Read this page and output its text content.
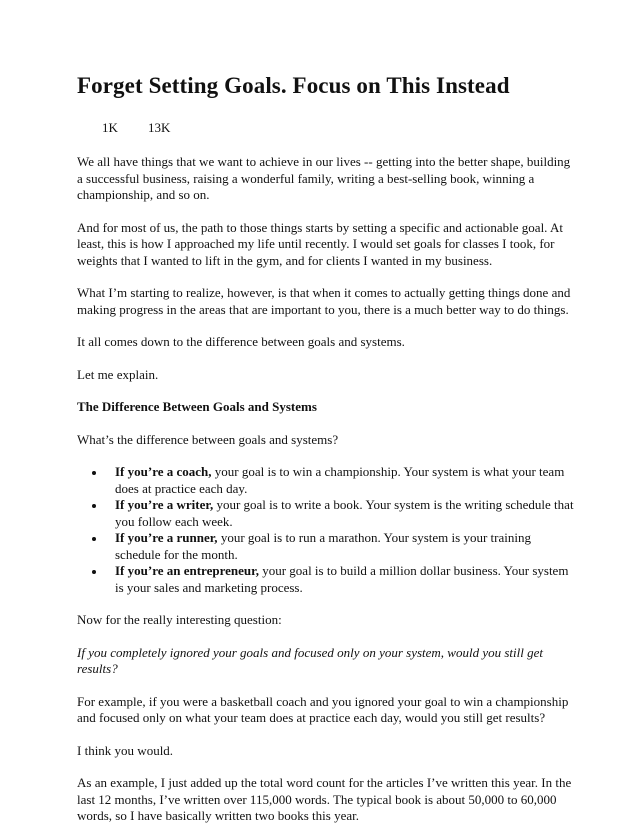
Forget Setting Goals. Focus on This Instead
1K 13K

We all have things that we want to achieve in our lives -- getting into the better shape, building a successful business, raising a wonderful family, writing a best-selling book, winning a championship, and so on.

And for most of us, the path to those things starts by setting a specific and actionable goal. At least, this is how I approached my life until recently. I would set goals for classes I took, for weights that I wanted to lift in the gym, and for clients I wanted in my business.

What I’m starting to realize, however, is that when it comes to actually getting things done and making progress in the areas that are important to you, there is a much better way to do things.

It all comes down to the difference between goals and systems.

Let me explain.

The Difference Between Goals and Systems

What’s the difference between goals and systems?

If you’re a coach, your goal is to win a championship. Your system is what your team does at practice each day.
If you’re a writer, your goal is to write a book. Your system is the writing schedule that you follow each week.
If you’re a runner, your goal is to run a marathon. Your system is your training schedule for the month.
If you’re an entrepreneur, your goal is to build a million dollar business. Your system is your sales and marketing process.

Now for the really interesting question:

If you completely ignored your goals and focused only on your system, would you still get results?

For example, if you were a basketball coach and you ignored your goal to win a championship and focused only on what your team does at practice each day, would you still get results?

I think you would.

As an example, I just added up the total word count for the articles I’ve written this year. In the last 12 months, I’ve written over 115,000 words. The typical book is about 50,000 to 60,000 words, so I have basically written two books this year.
